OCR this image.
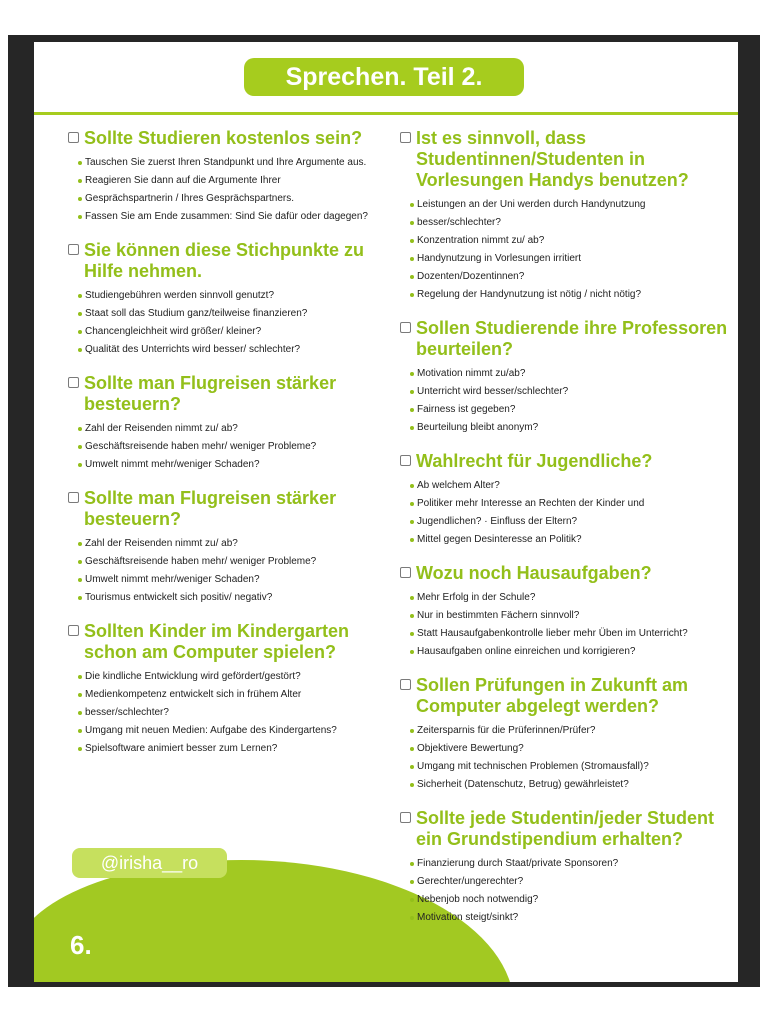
Sprechen. Teil 2.
Sollte Studieren kostenlos sein?
Tauschen Sie zuerst Ihren Standpunkt und Ihre Argumente aus.
Reagieren Sie dann auf die Argumente Ihrer
Gesprächspartnerin / Ihres Gesprächspartners.
Fassen Sie am Ende zusammen: Sind Sie dafür oder dagegen?
Sie können diese Stichpunkte zu Hilfe nehmen.
Studiengebühren werden sinnvoll genutzt?
Staat soll das Studium ganz/teilweise finanzieren?
Chancengleichheit wird größer/ kleiner?
Qualität des Unterrichts wird besser/ schlechter?
Sollte man Flugreisen stärker besteuern?
Zahl der Reisenden nimmt zu/ ab?
Geschäftsreisende haben mehr/ weniger Probleme?
Umwelt nimmt mehr/weniger Schaden?
Sollte man Flugreisen stärker besteuern?
Zahl der Reisenden nimmt zu/ ab?
Geschäftsreisende haben mehr/ weniger Probleme?
Umwelt nimmt mehr/weniger Schaden?
Tourismus entwickelt sich positiv/ negativ?
Sollten Kinder im Kindergarten schon am Computer spielen?
Die kindliche Entwicklung wird gefördert/gestört?
Medienkompetenz entwickelt sich in frühem Alter
besser/schlechter?
Umgang mit neuen Medien: Aufgabe des Kindergartens?
Spielsoftware animiert besser zum Lernen?
Ist es sinnvoll, dass Studentinnen/Studenten in Vorlesungen Handys benutzen?
Leistungen an der Uni werden durch Handynutzung
besser/schlechter?
Konzentration nimmt zu/ ab?
Handynutzung in Vorlesungen irritiert
Dozenten/Dozentinnen?
Regelung der Handynutzung ist nötig / nicht nötig?
Sollen Studierende ihre Professoren beurteilen?
Motivation nimmt zu/ab?
Unterricht wird besser/schlechter?
Fairness ist gegeben?
Beurteilung bleibt anonym?
Wahlrecht für Jugendliche?
Ab welchem Alter?
Politiker mehr Interesse an Rechten der Kinder und
Jugendlichen? · Einfluss der Eltern?
Mittel gegen Desinteresse an Politik?
Wozu noch Hausaufgaben?
Mehr Erfolg in der Schule?
Nur in bestimmten Fächern sinnvoll?
Statt Hausaufgabenkontrolle lieber mehr Üben im Unterricht?
Hausaufgaben online einreichen und korrigieren?
Sollen Prüfungen in Zukunft am Computer abgelegt werden?
Zeitersparnis für die Prüferinnen/Prüfer?
Objektivere Bewertung?
Umgang mit technischen Problemen (Stromausfall)?
Sicherheit (Datenschutz, Betrug) gewährleistet?
Sollte jede Studentin/jeder Student ein Grundstipendium erhalten?
Finanzierung durch Staat/private Sponsoren?
Gerechter/ungerechter?
Nebenjob noch notwendig?
Motivation steigt/sinkt?
@irisha__ro
6.
